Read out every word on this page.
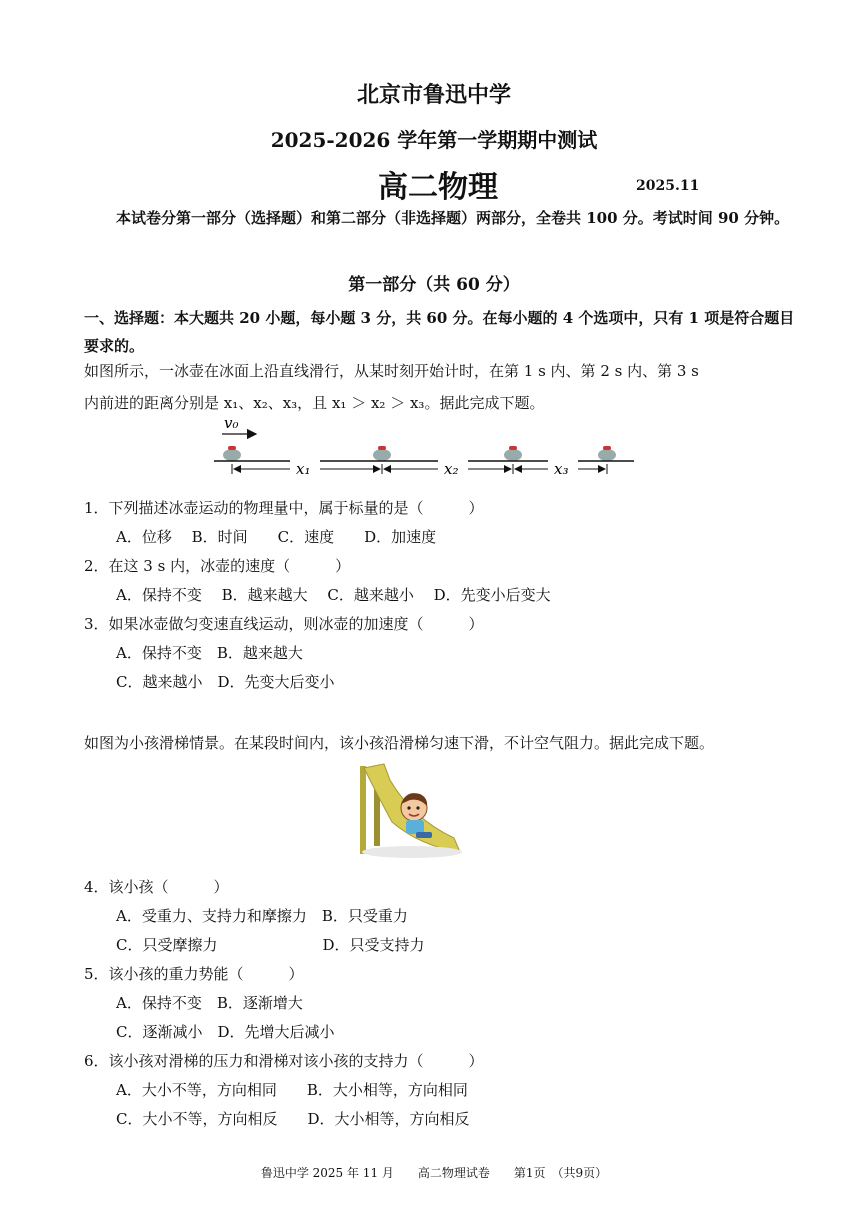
北京市鲁迅中学
2025-2026 学年第一学期期中测试
高二物理	2025.11
本试卷分第一部分（选择题）和第二部分（非选择题）两部分，全卷共 100 分。考试时间 90 分钟。
第一部分（共 60 分）
一、选择题：本大题共 20 小题，每小题 3 分，共 60 分。在每小题的 4 个选项中，只有 1 项是符合题目要求的。
如图所示，一冰壶在冰面上沿直线滑行，从某时刻开始计时，在第 1 s 内、第 2 s 内、第 3 s
内前进的距离分别是 x₁、x₂、x₃，且 x₁ ＞ x₂ ＞ x₃。据此完成下题。
v₀
x₁	x₂	x₃
1．下列描述冰壶运动的物理量中，属于标量的是（　　　）
A．位移　 B．时间　　C．速度　　D．加速度
2．在这 3 s 内，冰壶的速度（　　　）
A．保持不变　 B．越来越大　 C．越来越小　 D．先变小后变大
3．如果冰壶做匀变速直线运动，则冰壶的加速度（　　　）
A．保持不变　B．越来越大
C．越来越小　D．先变大后变小
如图为小孩滑梯情景。在某段时间内，该小孩沿滑梯匀速下滑，不计空气阻力。据此完成下题。
4．该小孩（　　　）
A．受重力、支持力和摩擦力　B．只受重力
C．只受摩擦力　　　　　　　D．只受支持力
5．该小孩的重力势能（　　　）
A．保持不变　B．逐渐增大
C．逐渐减小　D．先增大后减小
6．该小孩对滑梯的压力和滑梯对该小孩的支持力（　　　）
A．大小不等，方向相同　　B．大小相等，方向相同
C．大小不等，方向相反　　D．大小相等，方向相反
鲁迅中学 2025 年 11 月　　高二物理试卷　　第1页　（共9页）
